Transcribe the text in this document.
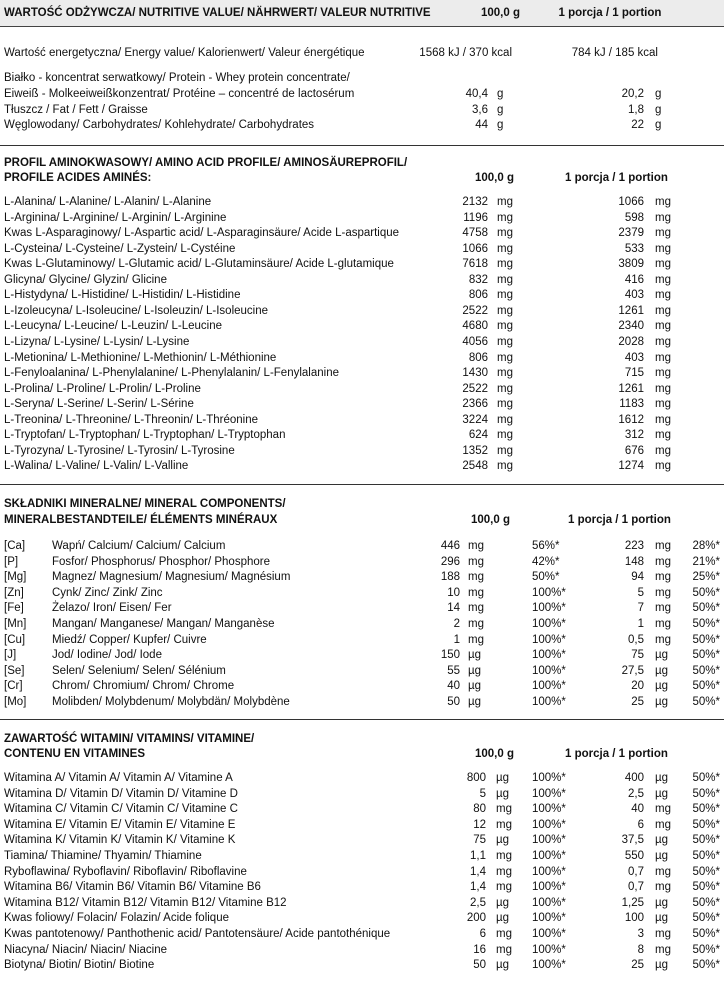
WARTOŚĆ ODŻYWCZA/ NUTRITIVE VALUE/ NÄHRWERT/ VALEUR NUTRITIVE	100,0 g	1 porcja / 1 portion
Wartość energetyczna/ Energy value/ Kalorienwert/ Valeur énergétique	1568 kJ / 370 kcal	784 kJ / 185 kcal
Białko - koncentrat serwatkowy/ Protein - Whey protein concentrate/
Eiweiß - Molkeeiweißkonzentrat/ Protéine – concentré de lactosérum	40,4 g	20,2 g
Tłuszcz / Fat / Fett / Graisse	3,6 g	1,8 g
Węglowodany/ Carbohydrates/ Kohlehydrate/ Carbohydrates	44 g	22 g
PROFIL AMINOKWASOWY/ AMINO ACID PROFILE/ AMINOSÄUREPROFIL/
PROFILE ACIDES AMINÉS:	100,0 g	1 porcja / 1 portion
L-Alanina/ L-Alanine/ L-Alanin/ L-Alanine	2132 mg	1066 mg
L-Arginina/ L-Arginine/ L-Arginin/ L-Arginine	1196 mg	598 mg
Kwas L-Asparaginowy/ L-Aspartic acid/ L-Asparaginsäure/ Acide L-aspartique	4758 mg	2379 mg
L-Cysteina/ L-Cysteine/ L-Zystein/ L-Cystéine	1066 mg	533 mg
Kwas L-Glutaminowy/ L-Glutamic acid/ L-Glutaminsäure/ Acide L-glutamique	7618 mg	3809 mg
Glicyna/ Glycine/ Glyzin/ Glicine	832 mg	416 mg
L-Histydyna/ L-Histidine/ L-Histidin/ L-Histidine	806 mg	403 mg
L-Izoleucyna/ L-Isoleucine/ L-Isoleuzin/ L-Isoleucine	2522 mg	1261 mg
L-Leucyna/ L-Leucine/ L-Leuzin/ L-Leucine	4680 mg	2340 mg
L-Lizyna/ L-Lysine/ L-Lysin/ L-Lysine	4056 mg	2028 mg
L-Metionina/ L-Methionine/ L-Methionin/ L-Méthionine	806 mg	403 mg
L-Fenyloalanina/ L-Phenylalanine/ L-Phenylalanin/ L-Fenylalanine	1430 mg	715 mg
L-Prolina/ L-Proline/ L-Prolin/ L-Proline	2522 mg	1261 mg
L-Seryna/ L-Serine/ L-Serin/ L-Sérine	2366 mg	1183 mg
L-Treonina/ L-Threonine/ L-Threonin/ L-Thréonine	3224 mg	1612 mg
L-Tryptofan/ L-Tryptophan/ L-Tryptophan/ L-Tryptophan	624 mg	312 mg
L-Tyrozyna/ L-Tyrosine/ L-Tyrosin/ L-Tyrosine	1352 mg	676 mg
L-Walina/ L-Valine/ L-Valin/ L-Valline	2548 mg	1274 mg
SKŁADNIKI MINERALNE/ MINERAL COMPONENTS/
MINERALBESTANDTEILE/ ÉLÉMENTS MINÉRAUX	100,0 g	1 porcja / 1 portion
[Ca] Wapń/ Calcium/ Calcium/ Calcium	446 mg	56%*	223 mg	28%*
[P]	Fosfor/ Phosphorus/ Phosphor/ Phosphore	296 mg	42%*	148 mg	21%*
[Mg] Magnez/ Magnesium/ Magnesium/ Magnésium	188 mg	50%*	94 mg	25%*
[Zn] Cynk/ Zinc/ Zink/ Zinc	10 mg	100%*	5 mg	50%*
[Fe] Żelazo/ Iron/ Eisen/ Fer	14 mg	100%*	7 mg	50%*
[Mn] Mangan/ Manganese/ Mangan/ Manganèse	2 mg	100%*	1 mg	50%*
[Cu] Miedź/ Copper/ Kupfer/ Cuivre	1 mg	100%*	0,5 mg	50%*
[J]	Jod/ Iodine/ Jod/ Iode	150 µg	100%*	75 µg	50%*
[Se] Selen/ Selenium/ Selen/ Sélénium	55 µg	100%*	27,5 µg	50%*
[Cr]	Chrom/ Chromium/ Chrom/ Chrome	40 µg	100%*	20 µg	50%*
[Mo] Molibden/ Molybdenum/ Molybdän/ Molybdène	50 µg	100%*	25 µg	50%*
ZAWARTOŚĆ WITAMIN/ VITAMINS/ VITAMINE/
CONTENU EN VITAMINES	100,0 g	1 porcja / 1 portion
Witamina A/ Vitamin A/ Vitamin A/ Vitamine A	800 µg 100%*	400 µg	50%*
Witamina D/ Vitamin D/ Vitamin D/ Vitamine D	5 µg 100%*	2,5 µg	50%*
Witamina C/ Vitamin C/ Vitamin C/ Vitamine C	80 mg 100%*	40 mg	50%*
Witamina E/ Vitamin E/ Vitamin E/ Vitamine E	12 mg 100%*	6 mg	50%*
Witamina K/ Vitamin K/ Vitamin K/ Vitamine K	75 µg 100%*	37,5 µg	50%*
Tiamina/ Thiamine/ Thyamin/ Thiamine	1,1 mg 100%*	550 µg	50%*
Ryboflawina/ Ryboflavin/ Riboflavin/ Riboflavine	1,4 mg 100%*	0,7 mg	50%*
Witamina B6/ Vitamin B6/ Vitamin B6/ Vitamine B6	1,4 mg 100%*	0,7 mg	50%*
Witamina B12/ Vitamin B12/ Vitamin B12/ Vitamine B12	2,5 µg 100%*	1,25 µg	50%*
Kwas foliowy/ Folacin/ Folazin/ Acide folique	200 µg 100%*	100 µg	50%*
Kwas pantotenowy/ Panthothenic acid/ Pantotensäure/ Acide pantothénique	6 mg 100%*	3 mg	50%*
Niacyna/ Niacin/ Niacin/ Niacine	16 mg 100%*	8 mg	50%*
Biotyna/ Biotin/ Biotin/ Biotine	50 µg 100%*	25 µg	50%*
